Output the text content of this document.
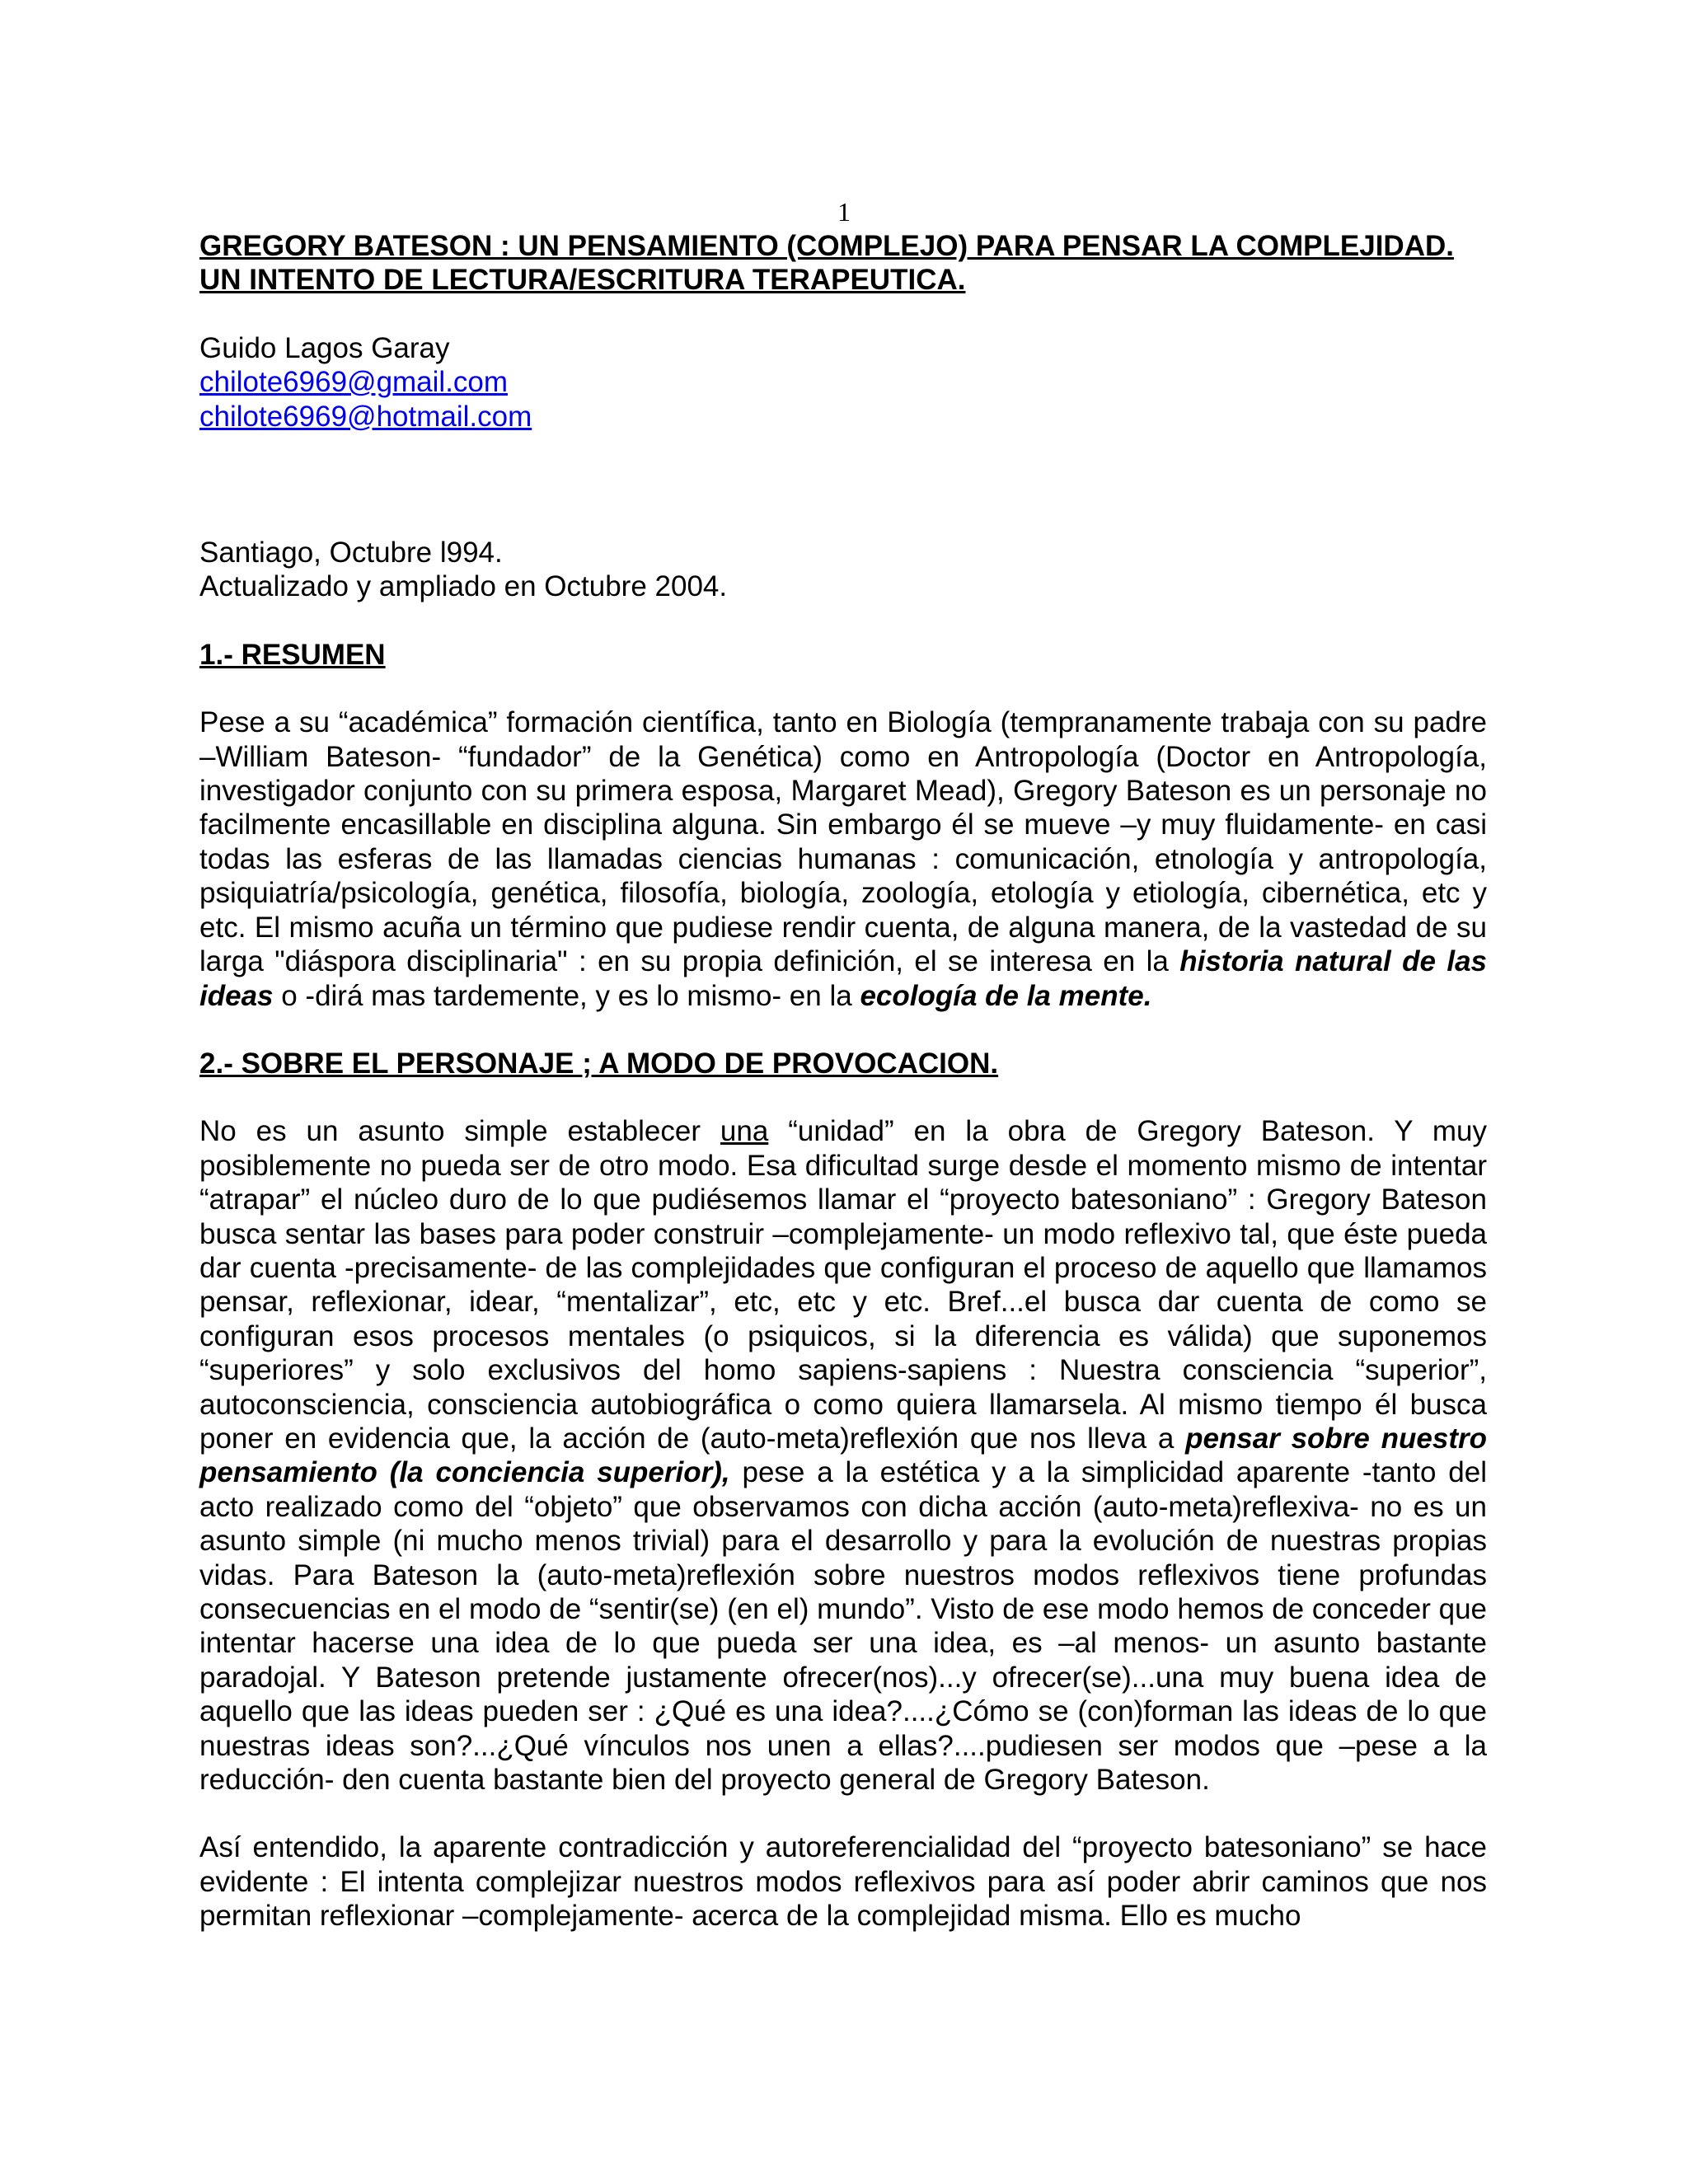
1

GREGORY BATESON : UN PENSAMIENTO (COMPLEJO) PARA PENSAR LA COMPLEJIDAD. UN INTENTO DE LECTURA/ESCRITURA TERAPEUTICA.

Guido Lagos Garay
chilote6969@gmail.com
chilote6969@hotmail.com
Santiago, Octubre l994.
Actualizado y ampliado en Octubre 2004.

1.- RESUMEN

Pese a su “académica” formación científica, tanto en Biología (tempranamente trabaja con su padre –William Bateson- “fundador” de la Genética) como en Antropología (Doctor en Antropología, investigador conjunto con su primera esposa, Margaret Mead), Gregory Bateson es un personaje no facilmente encasillable en disciplina alguna. Sin embargo él se mueve –y muy fluidamente- en casi todas las esferas de las llamadas ciencias humanas : comunicación, etnología y antropología, psiquiatría/psicología, genética, filosofía, biología, zoología, etología y etiología, cibernética, etc y etc. El mismo acuña un término que pudiese rendir cuenta, de alguna manera, de la vastedad de su larga "diáspora disciplinaria" : en su propia definición, el se interesa en la historia natural de las ideas o -dirá mas tardemente, y es lo mismo- en la ecología de la mente.

2.- SOBRE EL PERSONAJE ; A MODO DE PROVOCACION.

No es un asunto simple establecer una “unidad” en la obra de Gregory Bateson. Y muy posiblemente no pueda ser de otro modo. Esa dificultad surge desde el momento mismo de intentar “atrapar” el núcleo duro de lo que pudiésemos llamar el “proyecto batesoniano” : Gregory Bateson busca sentar las bases para poder construir –complejamente- un modo reflexivo tal, que éste pueda dar cuenta -precisamente- de las complejidades que configuran el proceso de aquello que llamamos pensar, reflexionar, idear, “mentalizar”, etc, etc y etc. Bref...el busca dar cuenta de como se configuran esos procesos mentales (o psiquicos, si la diferencia es válida) que suponemos “superiores” y solo exclusivos del homo sapiens-sapiens : Nuestra consciencia “superior”, autoconsciencia, consciencia autobiográfica o como quiera llamarsela. Al mismo tiempo él busca poner en evidencia que, la acción de (auto-meta)reflexión que nos lleva a pensar sobre nuestro pensamiento (la conciencia superior), pese a la estética y a la simplicidad aparente -tanto del acto realizado como del “objeto” que observamos con dicha acción (auto-meta)reflexiva- no es un asunto simple (ni mucho menos trivial) para el desarrollo y para la evolución de nuestras propias vidas. Para Bateson la (auto-meta)reflexión sobre nuestros modos reflexivos tiene profundas consecuencias en el modo de “sentir(se) (en el) mundo”. Visto de ese modo hemos de conceder que intentar hacerse una idea de lo que pueda ser una idea, es –al menos- un asunto bastante paradojal. Y Bateson pretende justamente ofrecer(nos)...y ofrecer(se)...una muy buena idea de aquello que las ideas pueden ser : ¿Qué es una idea?....¿Cómo se (con)forman las ideas de lo que nuestras ideas son?...¿Qué vínculos nos unen a ellas?....pudiesen ser modos que –pese a la reducción- den cuenta bastante bien del proyecto general de Gregory Bateson.

Así entendido, la aparente contradicción y autoreferencialidad del “proyecto batesoniano” se hace evidente : El intenta complejizar nuestros modos reflexivos para así poder abrir caminos que nos permitan reflexionar –complejamente- acerca de la complejidad misma. Ello es mucho
